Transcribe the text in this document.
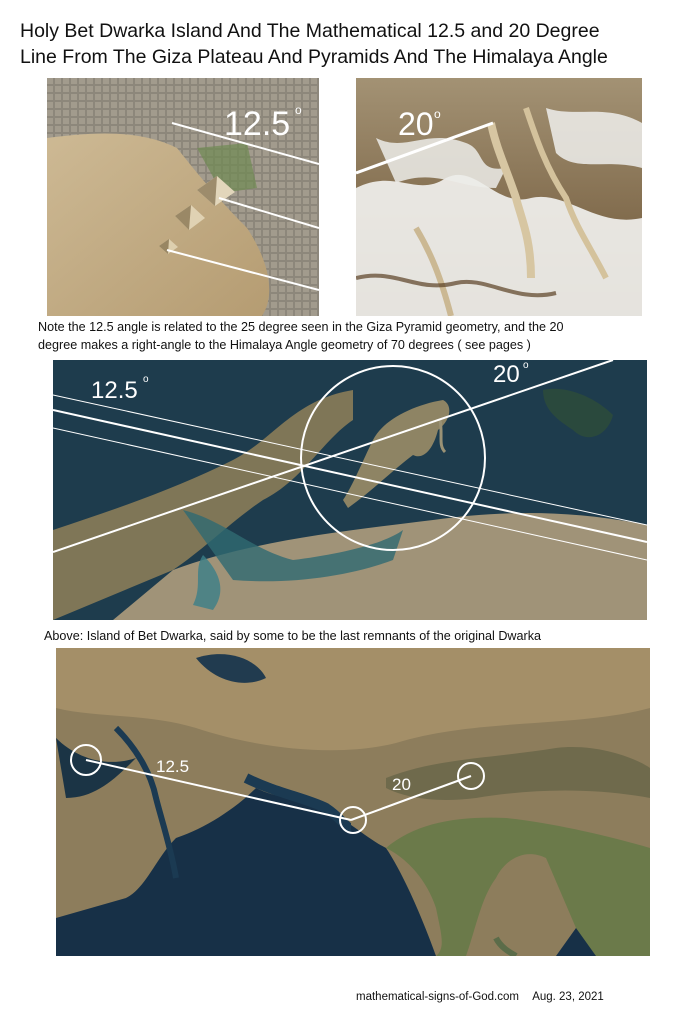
Holy Bet Dwarka Island And The Mathematical 12.5 and 20 Degree
Line From The Giza Plateau And Pyramids And The Himalaya Angle
12.5 o	20 o
Note the 12.5 angle is related to the 25 degree seen in the Giza Pyramid geometry, and the 20
degree makes a right-angle to the Himalaya Angle geometry of 70 degrees ( see pages )
12.5 o	20 o
Above: Island of Bet Dwarka, said by some to be the last remnants of the original Dwarka
12.5
20
mathematical-signs-of-God.com Aug. 23, 2021
